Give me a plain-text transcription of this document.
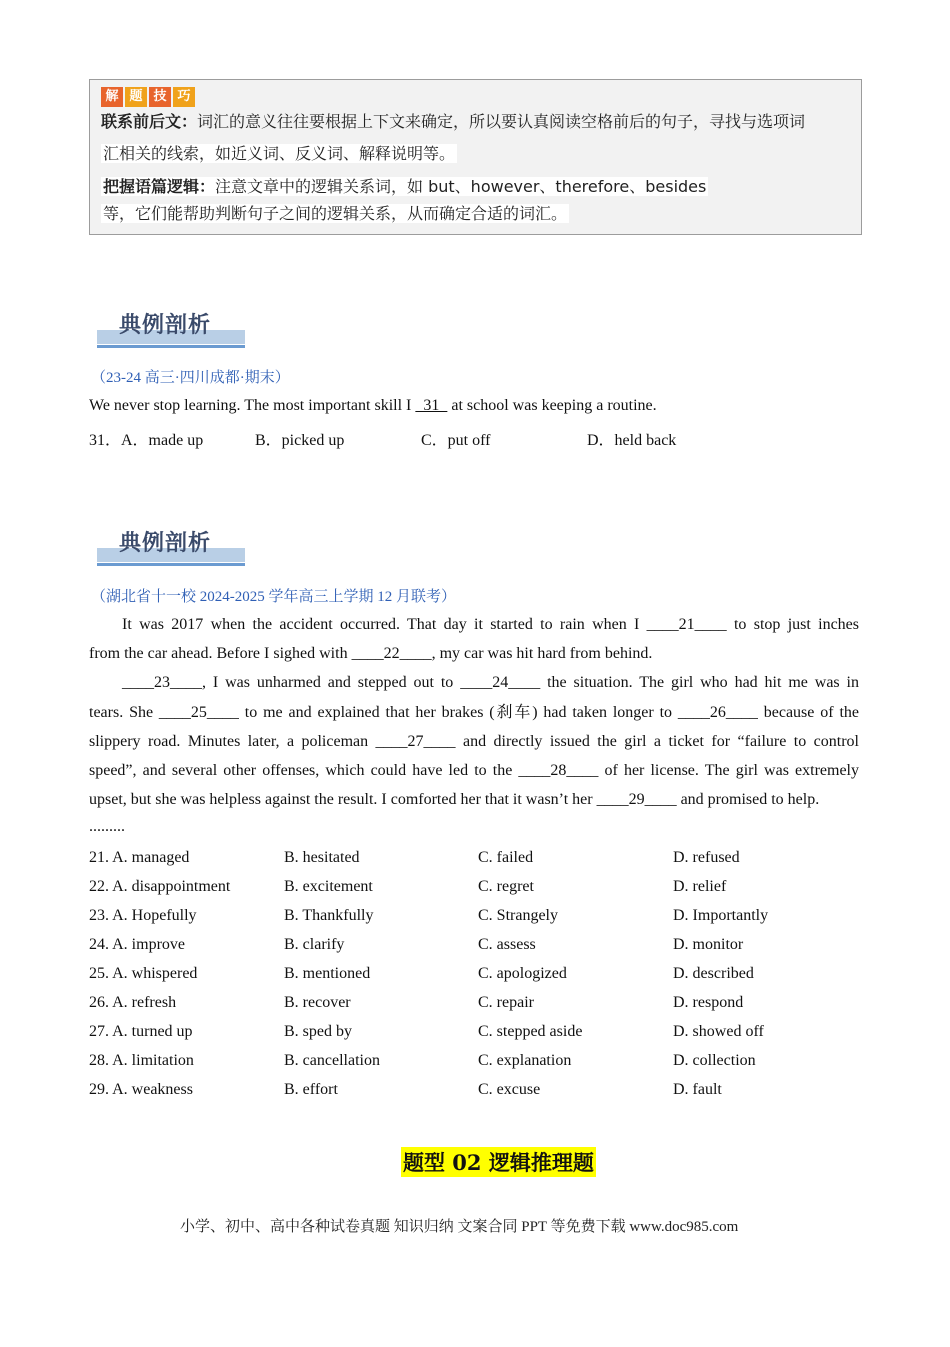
解 题 技 巧
联系前后文：词汇的意义往往要根据上下文来确定，所以要认真阅读空格前后的句子，寻找与选项词
汇相关的线索，如近义词、反义词、解释说明等。
把握语篇逻辑：注意文章中的逻辑关系词，如 but、however、therefore、besides
等，它们能帮助判断句子之间的逻辑关系，从而确定合适的词汇。
典例剖析
（23-24 高三·四川成都·期末）
We never stop learning. The most important skill I   31   at school was keeping a routine.
31．A．made up	B．picked up	C．put off	D．held back
典例剖析
（湖北省十一校 2024-2025 学年高三上学期 12 月联考）
It was 2017 when the accident occurred. That day it started to rain when I ____21____ to stop just inches
from the car ahead. Before I sighed with ____22____, my car was hit hard from behind.
____23____, I was unharmed and stepped out to ____24____ the situation. The girl who had hit me was in
tears. She ____25____ to me and explained that her brakes (刹车) had taken longer to ____26____ because of the
slippery road. Minutes later, a policeman ____27____ and directly issued the girl a ticket for “failure to control
speed”, and several other offenses, which could have led to the ____28____ of her license. The girl was extremely
upset, but she was helpless against the result. I comforted her that it wasn’t her ____29____ and promised to help.
.........
21. A. managed	B. hesitated	C. failed	D. refused
22. A. disappointment	B. excitement	C. regret	D. relief
23. A. Hopefully	B. Thankfully	C. Strangely	D. Importantly
24. A. improve	B. clarify	C. assess	D. monitor
25. A. whispered	B. mentioned	C. apologized	D. described
26. A. refresh	B. recover	C. repair	D. respond
27. A. turned up	B. sped by	C. stepped aside	D. showed off
28. A. limitation	B. cancellation	C. explanation	D. collection
29. A. weakness	B. effort	C. excuse	D. fault
题型 02 逻辑推理题
小学、初中、高中各种试卷真题 知识归纳 文案合同 PPT 等免费下载 www.doc985.com
